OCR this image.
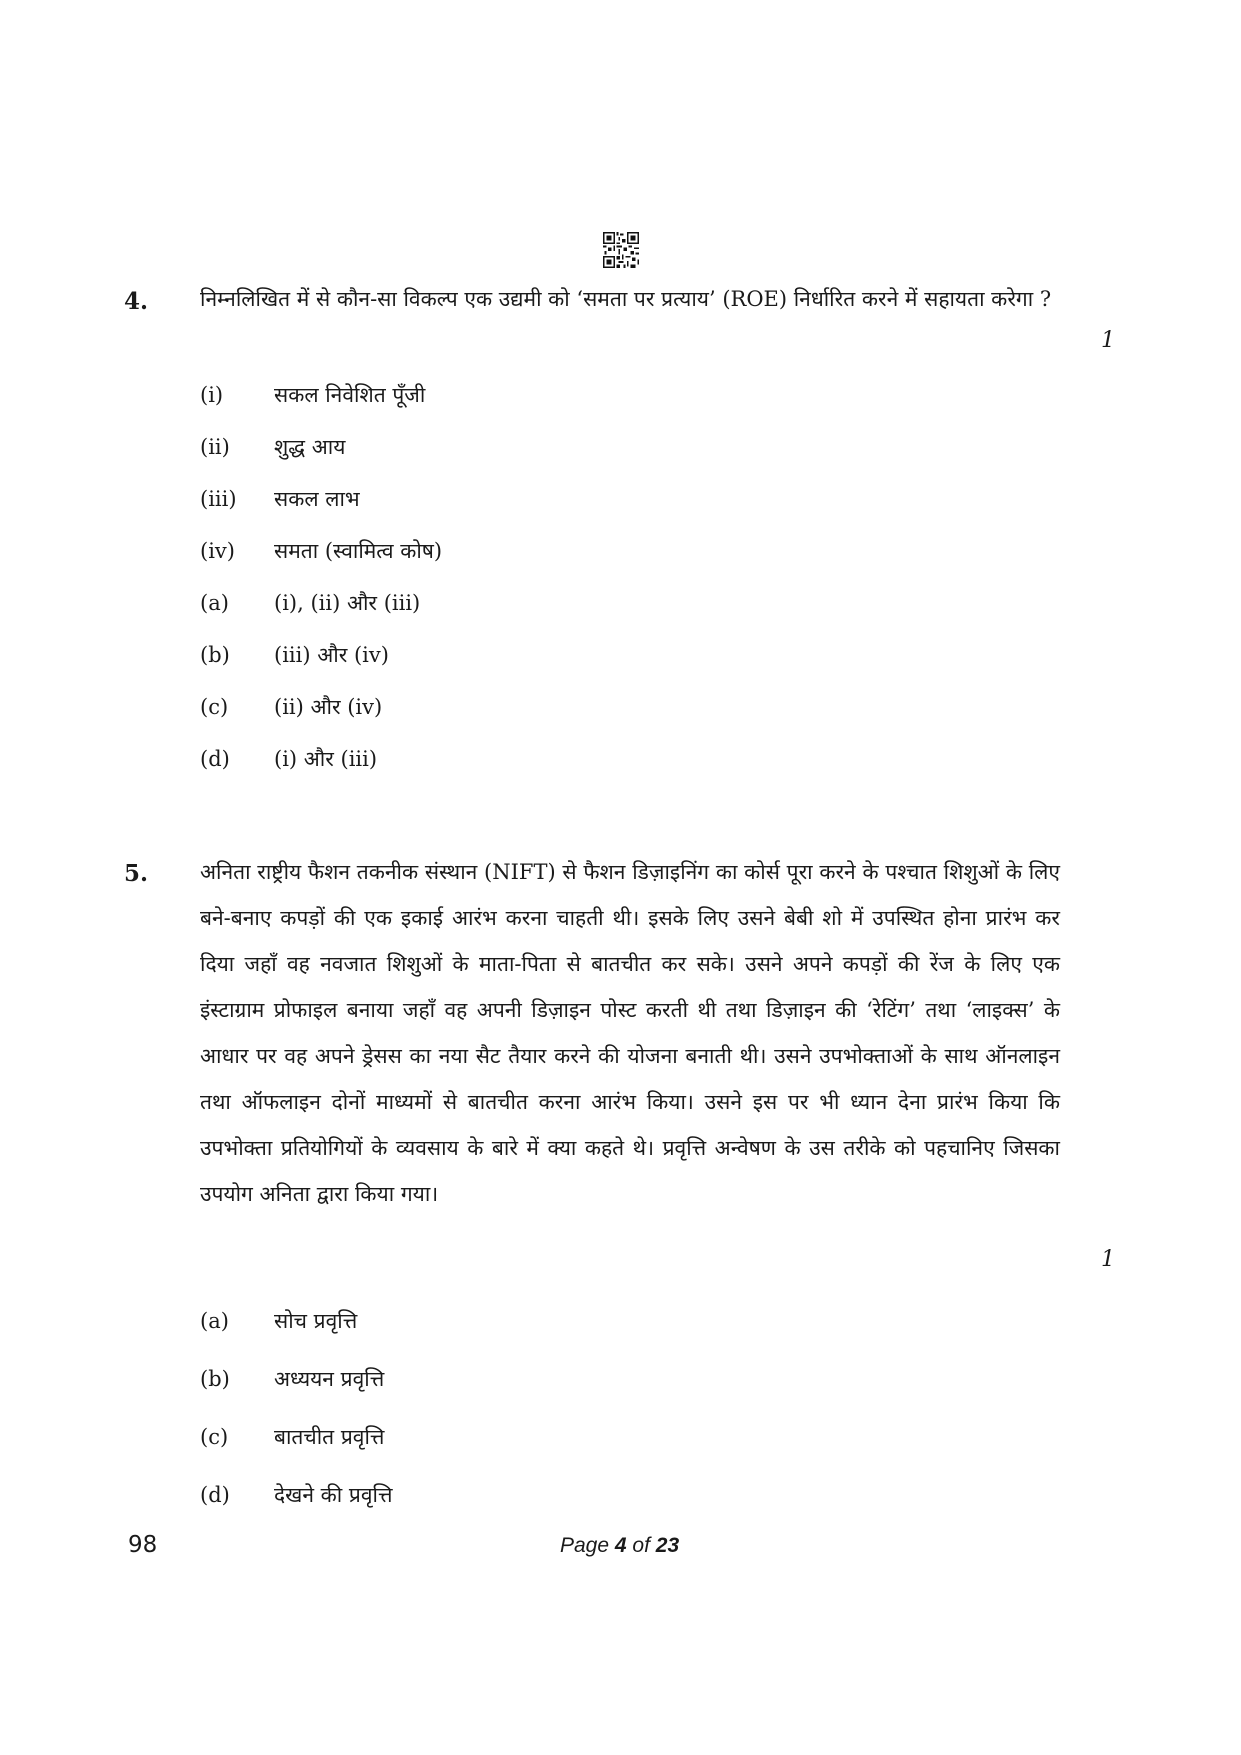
4. निम्नलिखित में से कौन-सा विकल्प एक उद्यमी को ‘समता पर प्रत्याय’ (ROE) निर्धारित करने में सहायता करेगा ?
1
(i) सकल निवेशित पूँजी
(ii) शुद्ध आय
(iii) सकल लाभ
(iv) समता (स्वामित्व कोष)
(a) (i), (ii) और (iii)
(b) (iii) और (iv)
(c) (ii) और (iv)
(d) (i) और (iii)
5. अनिता राष्ट्रीय फैशन तकनीक संस्थान (NIFT) से फैशन डिज़ाइनिंग का कोर्स पूरा करने के पश्चात शिशुओं के लिए बने-बनाए कपड़ों की एक इकाई आरंभ करना चाहती थी। इसके लिए उसने बेबी शो में उपस्थित होना प्रारंभ कर दिया जहाँ वह नवजात शिशुओं के माता-पिता से बातचीत कर सके। उसने अपने कपड़ों की रेंज के लिए एक इंस्टाग्राम प्रोफाइल बनाया जहाँ वह अपनी डिज़ाइन पोस्ट करती थी तथा डिज़ाइन की ‘रेटिंग’ तथा ‘लाइक्स’ के आधार पर वह अपने ड्रेसस का नया सैट तैयार करने की योजना बनाती थी। उसने उपभोक्ताओं के साथ ऑनलाइन तथा ऑफलाइन दोनों माध्यमों से बातचीत करना आरंभ किया। उसने इस पर भी ध्यान देना प्रारंभ किया कि उपभोक्ता प्रतियोगियों के व्यवसाय के बारे में क्या कहते थे। प्रवृत्ति अन्वेषण के उस तरीके को पहचानिए जिसका उपयोग अनिता द्वारा किया गया।
1
(a) सोच प्रवृत्ति
(b) अध्ययन प्रवृत्ति
(c) बातचीत प्रवृत्ति
(d) देखने की प्रवृत्ति
98	Page 4 of 23
